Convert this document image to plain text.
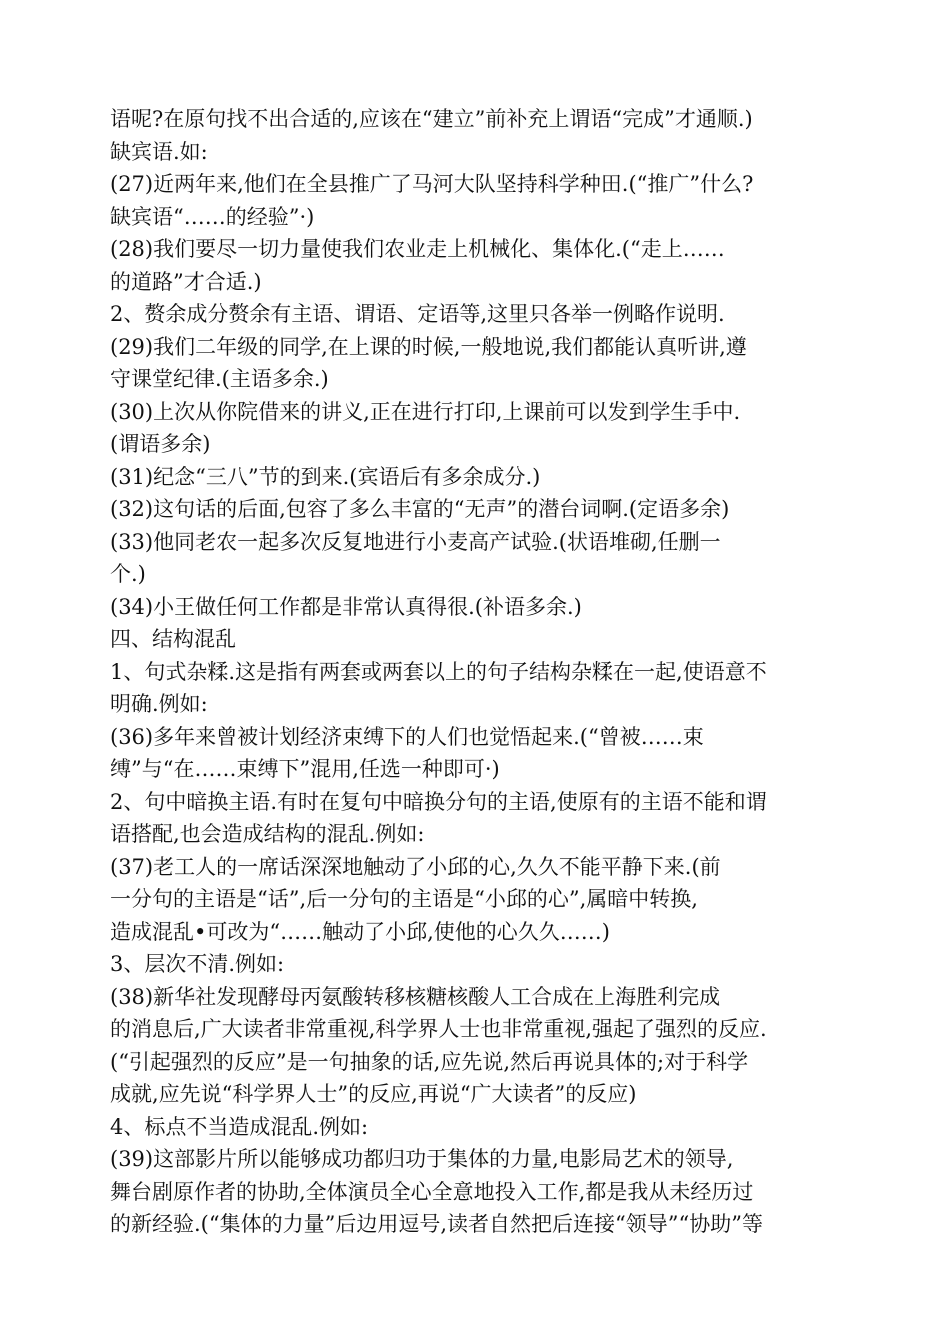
语呢?在原句找不出合适的,应该在“建立”前补充上谓语“完成”才通顺.)
缺宾语.如:
(27)近两年来,他们在全县推广了马河大队坚持科学种田.(“推广”什么?
缺宾语“……的经验”·)
(28)我们要尽一切力量使我们农业走上机械化、集体化.(“走上……
的道路”才合适.)
2、赘余成分赘余有主语、谓语、定语等,这里只各举一例略作说明.
(29)我们二年级的同学,在上课的时候,一般地说,我们都能认真听讲,遵
守课堂纪律.(主语多余.)
(30)上次从你院借来的讲义,正在进行打印,上课前可以发到学生手中.
(谓语多余)
(31)纪念“三八”节的到来.(宾语后有多余成分.)
(32)这句话的后面,包容了多么丰富的“无声”的潜台词啊.(定语多余)
(33)他同老农一起多次反复地进行小麦高产试验.(状语堆砌,任删一
个.)
(34)小王做任何工作都是非常认真得很.(补语多余.)
四、结构混乱
1、句式杂糅.这是指有两套或两套以上的句子结构杂糅在一起,使语意不
明确.例如:
(36)多年来曾被计划经济束缚下的人们也觉悟起来.(“曾被……束
缚”与“在……束缚下”混用,任选一种即可·)
2、句中暗换主语.有时在复句中暗换分句的主语,使原有的主语不能和谓
语搭配,也会造成结构的混乱.例如:
(37)老工人的一席话深深地触动了小邱的心,久久不能平静下来.(前
一分句的主语是“话”,后一分句的主语是“小邱的心”,属暗中转换,
造成混乱•可改为“……触动了小邱,使他的心久久……)
3、层次不清.例如:
(38)新华社发现酵母丙氨酸转移核糖核酸人工合成在上海胜利完成
的消息后,广大读者非常重视,科学界人士也非常重视,强起了强烈的反应.
(“引起强烈的反应”是一句抽象的话,应先说,然后再说具体的;对于科学
成就,应先说“科学界人士”的反应,再说“广大读者”的反应)
4、标点不当造成混乱.例如:
(39)这部影片所以能够成功都归功于集体的力量,电影局艺术的领导,
舞台剧原作者的协助,全体演员全心全意地投入工作,都是我从未经历过
的新经验.(“集体的力量”后边用逗号,读者自然把后连接“领导”“协助”等
